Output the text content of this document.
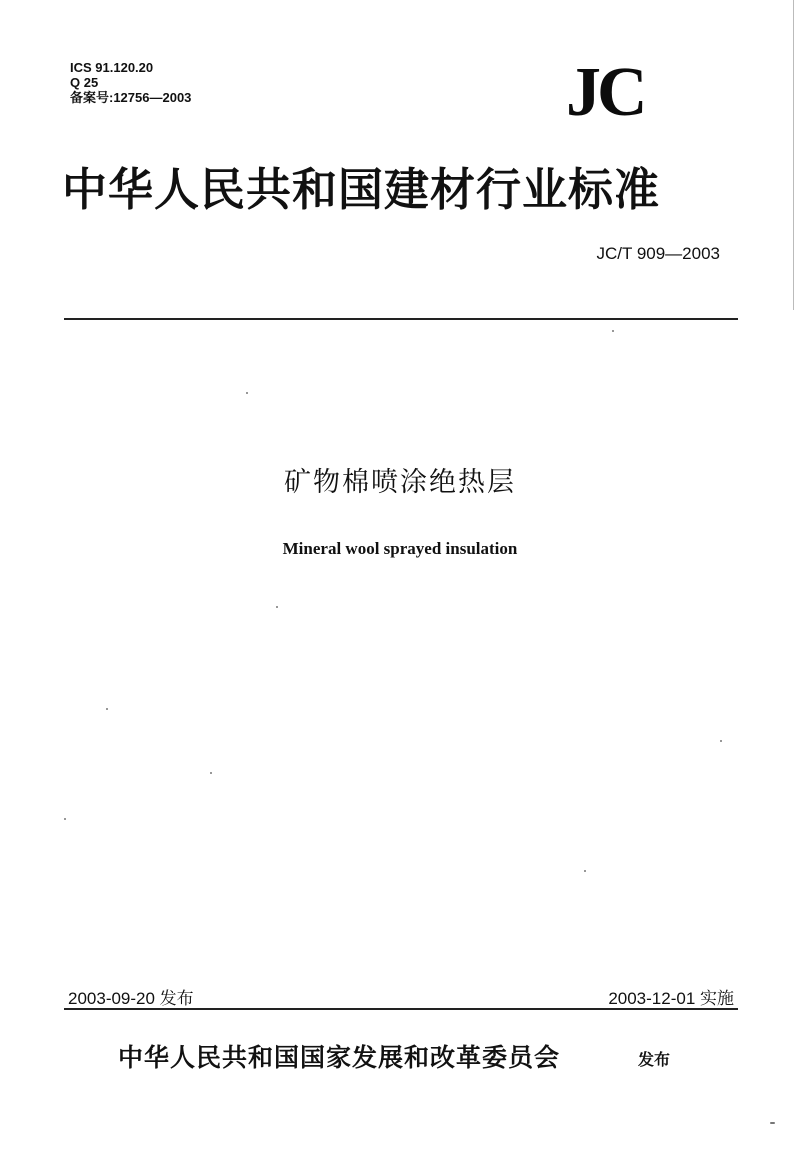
ICS 91.120.20
Q 25
备案号:12756—2003	JC
中华人民共和国建材行业标准
JC/T 909—2003
矿物棉喷涂绝热层
Mineral wool sprayed insulation
2003-09-20 发布	2003-12-01 实施
中华人民共和国国家发展和改革委员会	发布
